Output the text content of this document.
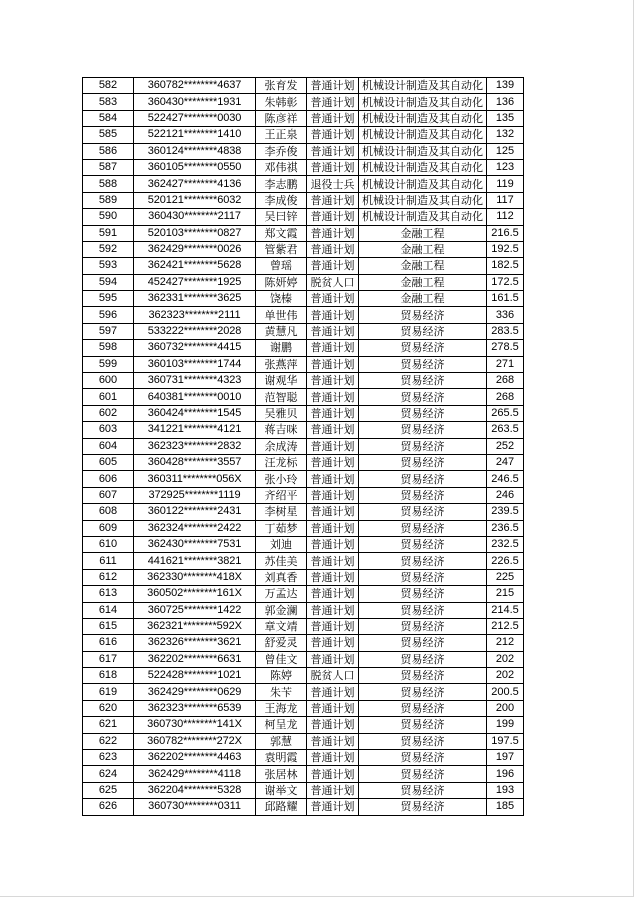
582	360782********4637	张育发	普通计划	机械设计制造及其自动化	139
583	360430********1931	朱韩彰	普通计划	机械设计制造及其自动化	136
584	522427********0030	陈彦祥	普通计划	机械设计制造及其自动化	135
585	522121********1410	王正泉	普通计划	机械设计制造及其自动化	132
586	360124********4838	李乔俊	普通计划	机械设计制造及其自动化	125
587	360105********0550	邓伟祺	普通计划	机械设计制造及其自动化	123
588	362427********4136	李志鹏	退役士兵	机械设计制造及其自动化	119
589	520121********6032	李成俊	普通计划	机械设计制造及其自动化	117
590	360430********2117	吴曰锌	普通计划	机械设计制造及其自动化	112
591	520103********0827	郑文霞	普通计划	金融工程	216.5
592	362429********0026	管紫君	普通计划	金融工程	192.5
593	362421********5628	曾瑶	普通计划	金融工程	182.5
594	452427********1925	陈妍婷	脱贫人口	金融工程	172.5
595	362331********3625	饶榛	普通计划	金融工程	161.5
596	362323********2111	单世伟	普通计划	贸易经济	336
597	533222********2028	黄慧凡	普通计划	贸易经济	283.5
598	360732********4415	谢鹏	普通计划	贸易经济	278.5
599	360103********1744	张燕萍	普通计划	贸易经济	271
600	360731********4323	谢观华	普通计划	贸易经济	268
601	640381********0010	范智聪	普通计划	贸易经济	268
602	360424********1545	吴雅贝	普通计划	贸易经济	265.5
603	341221********4121	蒋吉咪	普通计划	贸易经济	263.5
604	362323********2832	余成涛	普通计划	贸易经济	252
605	360428********3557	汪龙标	普通计划	贸易经济	247
606	360311********056X	张小玲	普通计划	贸易经济	246.5
607	372925********1119	齐绍平	普通计划	贸易经济	246
608	360122********2431	李树星	普通计划	贸易经济	239.5
609	362324********2422	丁茹梦	普通计划	贸易经济	236.5
610	362430********7531	刘迪	普通计划	贸易经济	232.5
611	441621********3821	苏佳美	普通计划	贸易经济	226.5
612	362330********418X	刘真香	普通计划	贸易经济	225
613	360502********161X	万孟达	普通计划	贸易经济	215
614	360725********1422	郭金澜	普通计划	贸易经济	214.5
615	362321********592X	章文靖	普通计划	贸易经济	212.5
616	362326********3621	舒爱灵	普通计划	贸易经济	212
617	362202********6631	曾佳文	普通计划	贸易经济	202
618	522428********1021	陈婷	脱贫人口	贸易经济	202
619	362429********0629	朱苄	普通计划	贸易经济	200.5
620	362323********6539	王海龙	普通计划	贸易经济	200
621	360730********141X	柯呈龙	普通计划	贸易经济	199
622	360782********272X	郭慧	普通计划	贸易经济	197.5
623	362202********4463	袁明霞	普通计划	贸易经济	197
624	362429********4118	张居林	普通计划	贸易经济	196
625	362204********5328	谢举文	普通计划	贸易经济	193
626	360730********0311	邱路耀	普通计划	贸易经济	185
